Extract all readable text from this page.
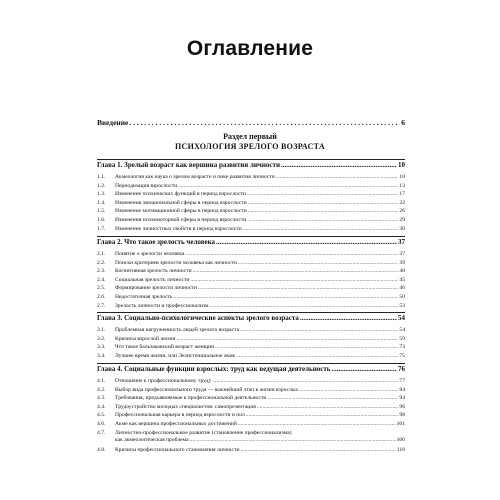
Оглавление
Введение . . .	6
Раздел первый
ПСИХОЛОГИЯ ЗРЕЛОГО ВОЗРАСТА
Глава 1. Зрелый возраст как вершина развития личности .....	10
1.1.	Акмеология как наука о зрелом возрасте и пике развития личности .....	10
1.2.	Периодизация взрослости .....	13
1.3.	Изменение психических функций в период взрослости .....	17
1.4.	Изменения эмоциональной сферы в период взрослости .....	22
1.5.	Изменение мотивационной сферы в период взрослости .....	26
1.6.	Изменения психомоторной сферы в период взрослости .....	29
1.7.	Изменение личностных свойств в период взрослости .....	30
Глава 2. Что такое зрелость человека .....	37
2.1.	Понятие о зрелости человека .....	37
2.2.	Поиски критериев зрелости человека как личности .....	39
2.3.	Когнитивная зрелость личности .....	40
2.4.	Социальная зрелость личности .....	45
2.5.	Формирование зрелости личности .....	46
2.6.	Недостаточная зрелость .....	50
2.7.	Зрелость личности и профессионализм .....	53
Глава 3. Социально-психологические аспекты зрелого возраста .....	54
3.1.	Проблемная нагруженность людей зрелого возраста .....	54
3.2.	Кризисы взрослой жизни .....	59
3.3.	Что такое бальзаковский возраст женщин .....	73
3.4.	Лучшее время жизни, или Экзистенциальное акме .....	75
Глава 4. Социальные функции взрослых: труд как ведущая деятельность .....	76
4.1.	Отношение к профессиональному труду .....	77
4.2.	Выбор вида профессионального труда — важнейший этап в жизни взрослых .....	84
4.3.	Требования, предъявляемые к профессиональной деятельности .....	94
4.4.	Трудоустройство молодых специалистов: самопрезентация .....	96
4.5.	Профессиональная карьера в период взрослости и пол .....	98
4.6.	Акме как вершина профессиональных достижений .....	101
4.7.	Личностно-профессиональное развитие (становление профессионализма)
как акмеологическая проблема .....	106
4.8.	Кризисы профессионального становления личности .....	116
